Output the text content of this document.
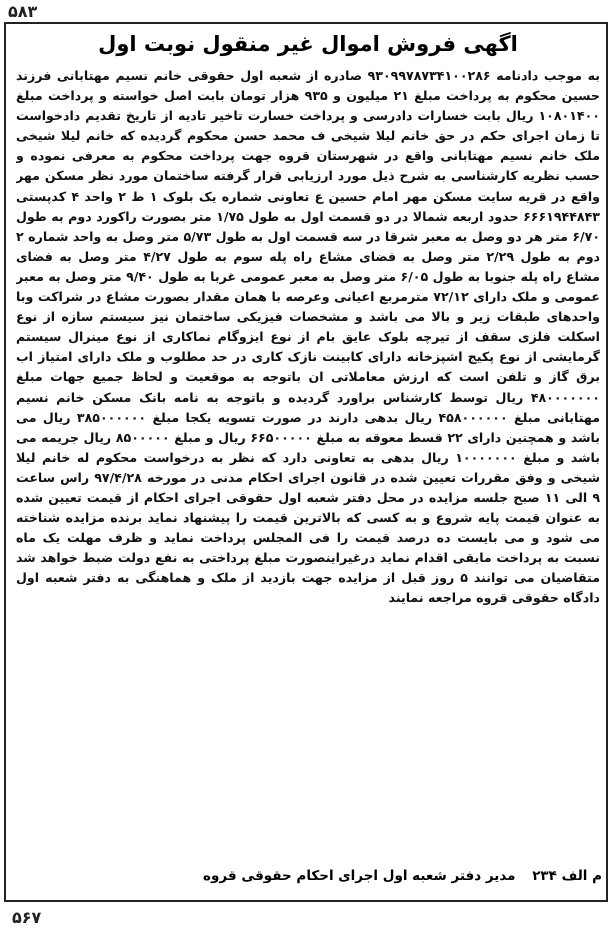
۵۸۳
اگهی فروش اموال غیر منقول نوبت اول

به موجب دادنامه ۹۳۰۹۹۷۸۷۳۴۱۰۰۲۸۶ صادره از شعبه اول حقوقی خانم نسیم مهتابانی فرزند حسین محکوم به پرداخت مبلغ ۲۱ میلیون و ۹۳۵ هزار تومان بابت اصل خواسته و پرداخت مبلغ ۱۰۸۰۱۴۰۰ ریال بابت خسارات دادرسی و پرداخت خسارت تاخیر تادیه از تاریخ تقدیم دادخواست تا زمان اجرای حکم در حق خانم لیلا شیخی ف محمد حسن محکوم گردیده که خانم لیلا شیخی ملک خانم نسیم مهتابانی واقع در شهرستان قروه جهت پرداخت محکوم به معرفی نموده و حسب نظریه کارشناسی به شرح ذیل مورد ارزیابی قرار گرفته ساختمان مورد نظر مسکن مهر واقع در قریه سایت مسکن مهر امام حسین ع تعاونی شماره یک بلوک ۱ ط ۲ واحد ۴ کدپستی ۶۶۶۱۹۴۴۸۴۳ حدود اربعه شمالا در دو قسمت اول به طول ۱/۷۵ متر بصورت راکورد دوم به طول ۶/۷۰ متر هر دو وصل به معبر شرقا در سه قسمت اول به طول ۵/۷۳ متر وصل به واحد شماره ۲ دوم به طول ۲/۲۹ متر وصل به فضای مشاع راه پله سوم به طول ۴/۲۷ متر وصل به فضای مشاع راه پله جنوبا به طول ۶/۰۵ متر وصل به معبر عمومی غربا به طول ۹/۴۰ متر وصل به معبر عمومی و ملک دارای ۷۲/۱۲ مترمربع اعیانی وعرصه با همان مقدار بصورت مشاع در شراکت وبا واحدهای طبقات زیر و بالا می باشد و مشخصات فیزیکی ساختمان نیز سیستم سازه از نوع اسکلت فلزی سقف از تیرچه بلوک عایق بام از نوع ایزوگام نماکاری از نوع مینرال سیستم گرمایشی از نوع پکیج اشپزخانه دارای کابینت نازک کاری در حد مطلوب و ملک دارای امتیاز اب برق گاز و تلفن است که ارزش معاملاتی ان باتوجه به موقعیت و لحاظ جمیع جهات مبلغ ۴۸۰۰۰۰۰۰۰ ریال توسط کارشناس براورد گردیده و باتوجه به نامه بانک مسکن خانم نسیم مهتابانی مبلغ ۴۵۸۰۰۰۰۰۰ ریال بدهی دارند در صورت تسویه یکجا مبلغ ۳۸۵۰۰۰۰۰۰ ریال می باشد و همچنین دارای ۲۲ قسط معوقه به مبلغ ۶۶۵۰۰۰۰۰ ریال و مبلغ ۸۵۰۰۰۰۰ ریال جریمه می باشد و مبلغ ۱۰۰۰۰۰۰۰ ریال بدهی به تعاونی دارد که نظر به درخواست محکوم له خانم لیلا شیخی و وفق مقررات تعیین شده در قانون اجرای احکام مدنی در مورخه ۹۷/۴/۲۸ راس ساعت ۹ الی ۱۱ صبح جلسه مزایده در محل دفتر شعبه اول حقوقی اجرای احکام از قیمت تعیین شده به عنوان قیمت پایه شروع و به کسی که بالاترین قیمت را پیشنهاد نماید برنده مزایده شناخته می شود و می بایست ده درصد قیمت را فی المجلس پرداخت نماید و ظرف مهلت یک ماه نسبت به پرداخت مابقی اقدام نماید درغیراینصورت مبلغ پرداختی به نفع دولت ضبط خواهد شد متقاضیان می توانند ۵ روز قبل از مزایده جهت بازدید از ملک و هماهنگی به دفتر شعبه اول دادگاه حقوقی قروه مراجعه نمایند

م الف ۲۳۴ مدیر دفتر شعبه اول اجرای احکام حقوقی قروه
۵۶۷
